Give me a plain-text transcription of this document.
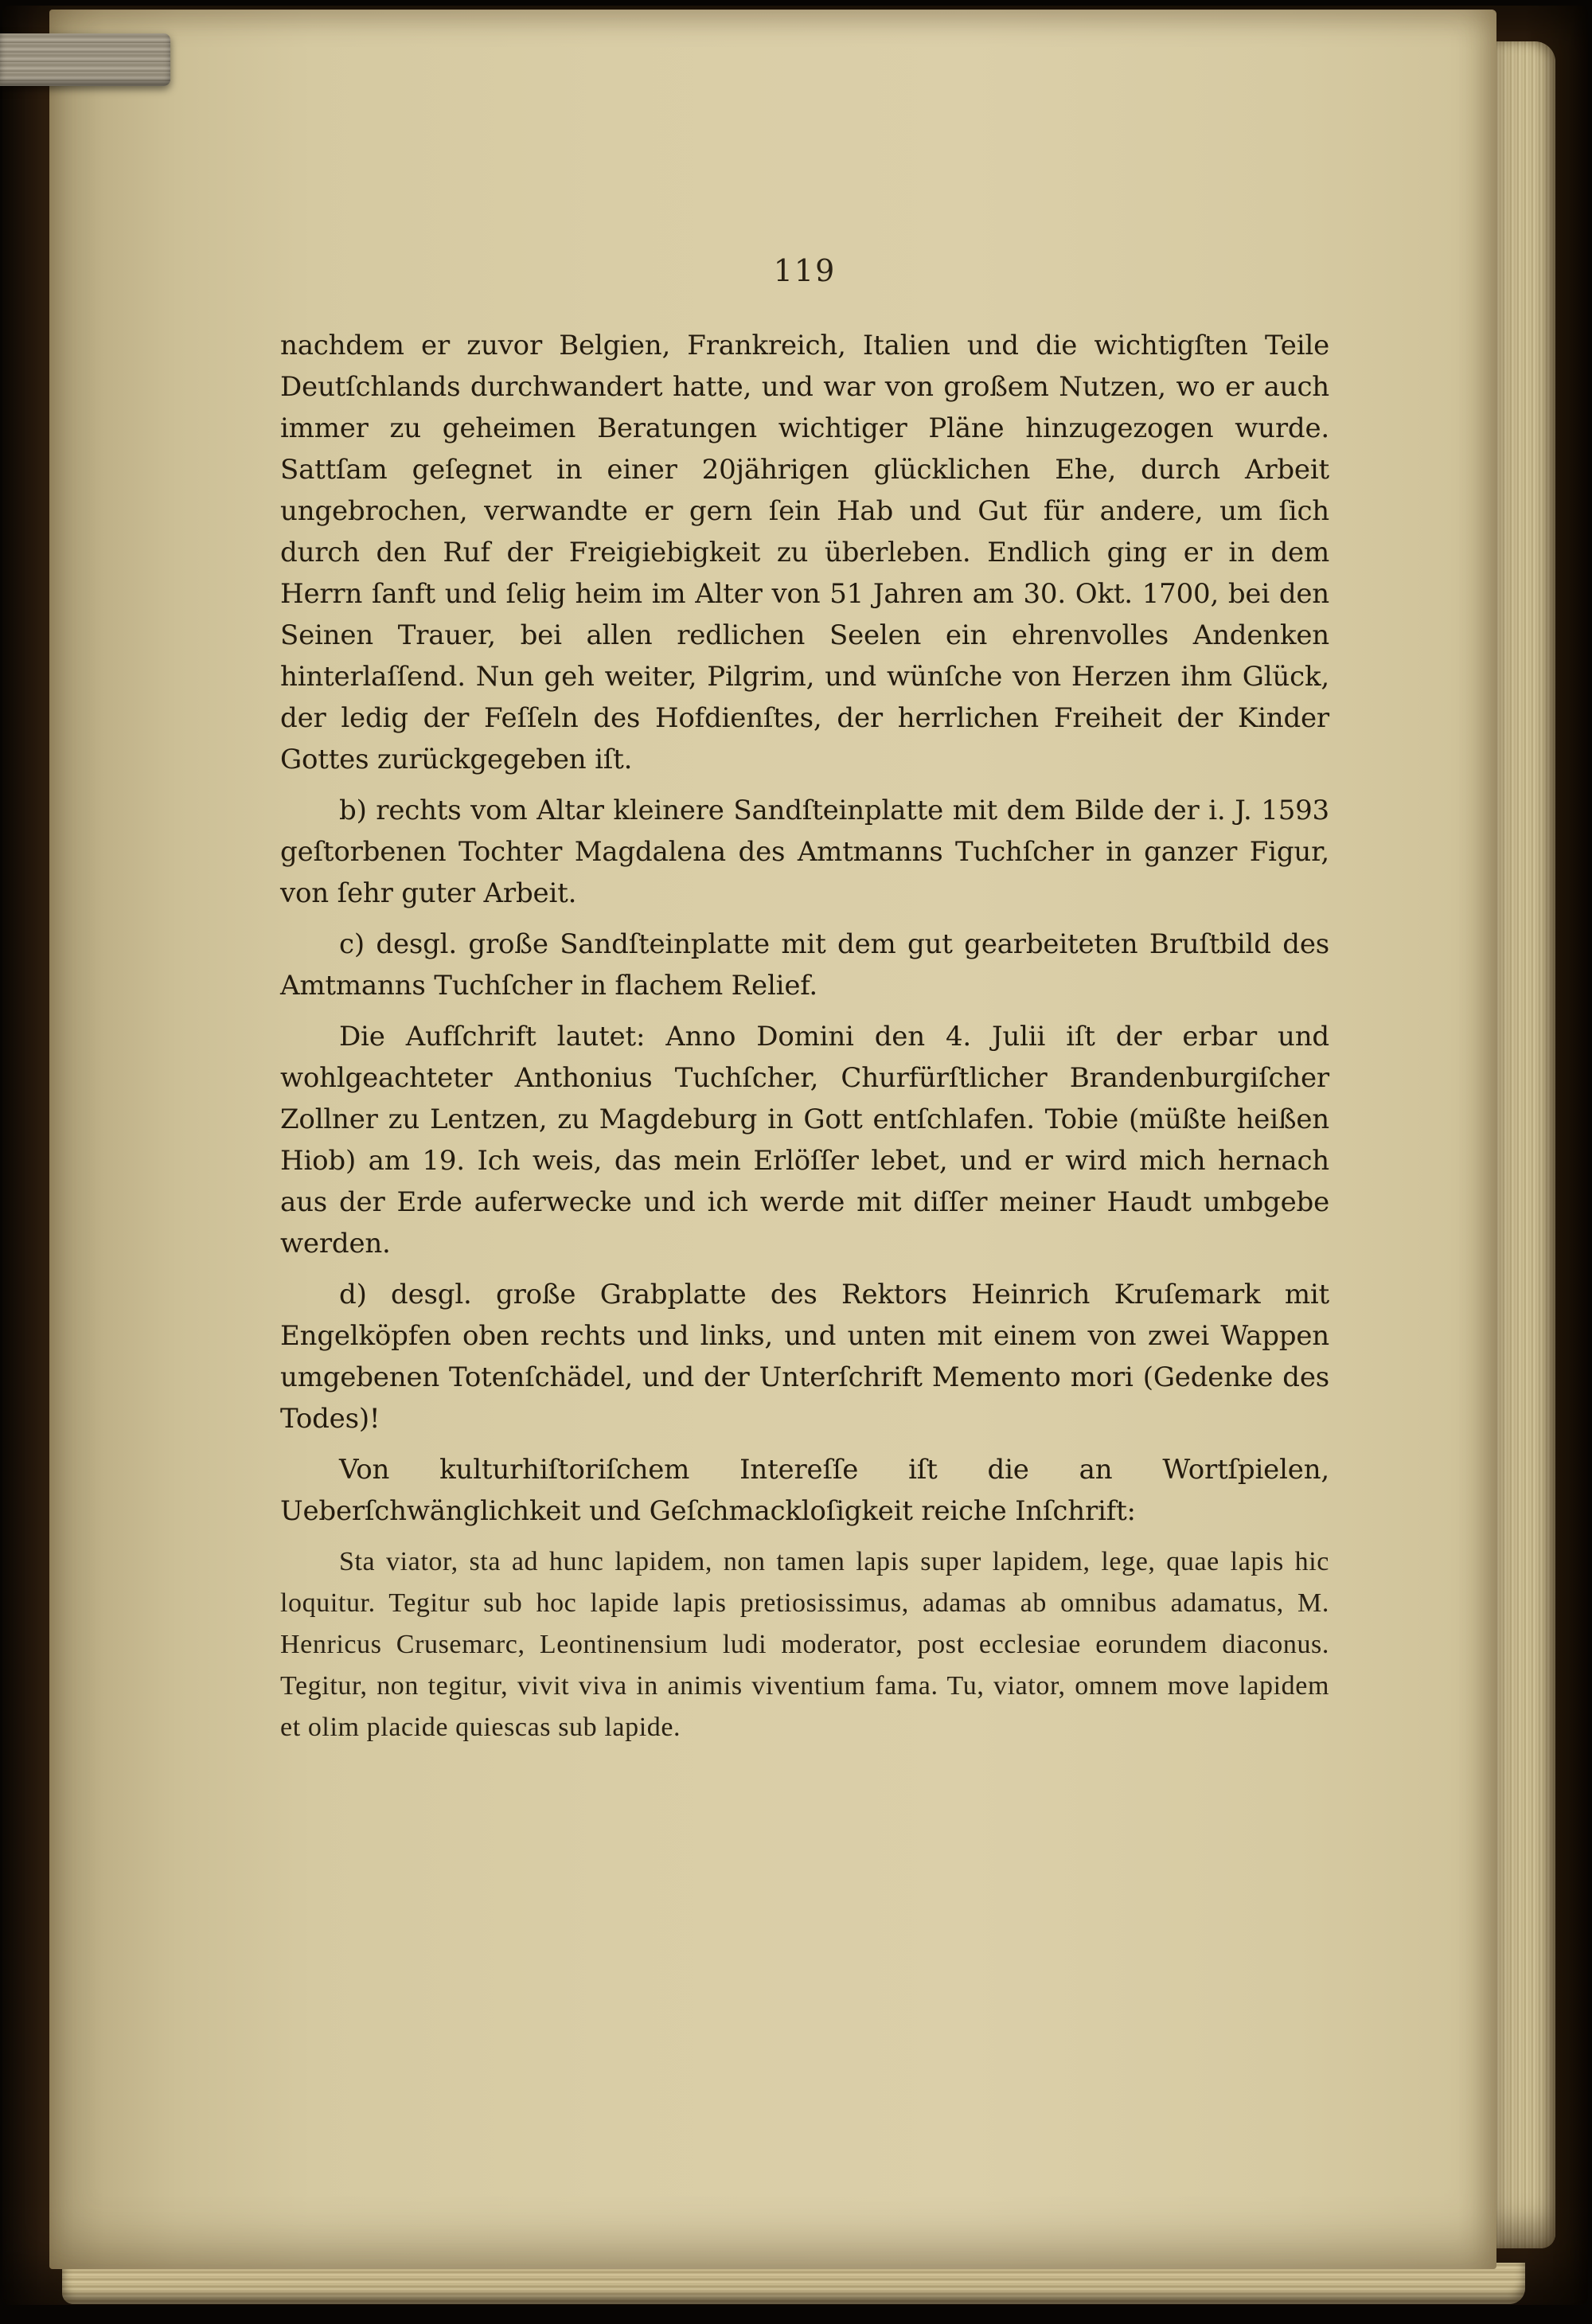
119

nachdem er zuvor Belgien, Frankreich, Italien und die wichtigſten Teile Deutſchlands durchwandert hatte, und war von großem Nutzen, wo er auch immer zu geheimen Beratungen wichtiger Pläne hinzugezogen wurde. Sattſam geſegnet in einer 20jährigen glücklichen Ehe, durch Arbeit ungebrochen, verwandte er gern ſein Hab und Gut für andere, um ſich durch den Ruf der Freigiebigkeit zu überleben. Endlich ging er in dem Herrn ſanft und ſelig heim im Alter von 51 Jahren am 30. Okt. 1700, bei den Seinen Trauer, bei allen redlichen Seelen ein ehrenvolles Andenken hinterlaſſend. Nun geh weiter, Pilgrim, und wünſche von Herzen ihm Glück, der ledig der Feſſeln des Hofdienſtes, der herrlichen Freiheit der Kinder Gottes zurückgegeben iſt.

b) rechts vom Altar kleinere Sandſteinplatte mit dem Bilde der i. J. 1593 geſtorbenen Tochter Magdalena des Amtmanns Tuchſcher in ganzer Figur, von ſehr guter Arbeit.

c) desgl. große Sandſteinplatte mit dem gut gearbeiteten Bruſtbild des Amtmanns Tuchſcher in flachem Relief.

Die Aufſchrift lautet: Anno Domini den 4. Julii iſt der erbar und wohlgeachteter Anthonius Tuchſcher, Churfürſtlicher Brandenburgiſcher Zollner zu Lentzen, zu Magdeburg in Gott entſchlafen. Tobie (müßte heißen Hiob) am 19. Ich weis, das mein Erlöſſer lebet, und er wird mich hernach aus der Erde auferwecke und ich werde mit diſſer meiner Haudt umbgebe werden.

d) desgl. große Grabplatte des Rektors Heinrich Kruſemark mit Engelköpfen oben rechts und links, und unten mit einem von zwei Wappen umgebenen Totenſchädel, und der Unterſchrift Memento mori (Gedenke des Todes)!

Von kulturhiſtoriſchem Intereſſe iſt die an Wortſpielen, Ueberſchwänglichkeit und Geſchmackloſigkeit reiche Inſchrift:

Sta viator, sta ad hunc lapidem, non tamen lapis super lapidem, lege, quae lapis hic loquitur. Tegitur sub hoc lapide lapis pretiosissimus, adamas ab omnibus adamatus, M. Henricus Crusemarc, Leontinensium ludi moderator, post ecclesiae eorundem diaconus. Tegitur, non tegitur, vivit viva in animis viventium fama. Tu, viator, omnem move lapidem et olim placide quiescas sub lapide.
